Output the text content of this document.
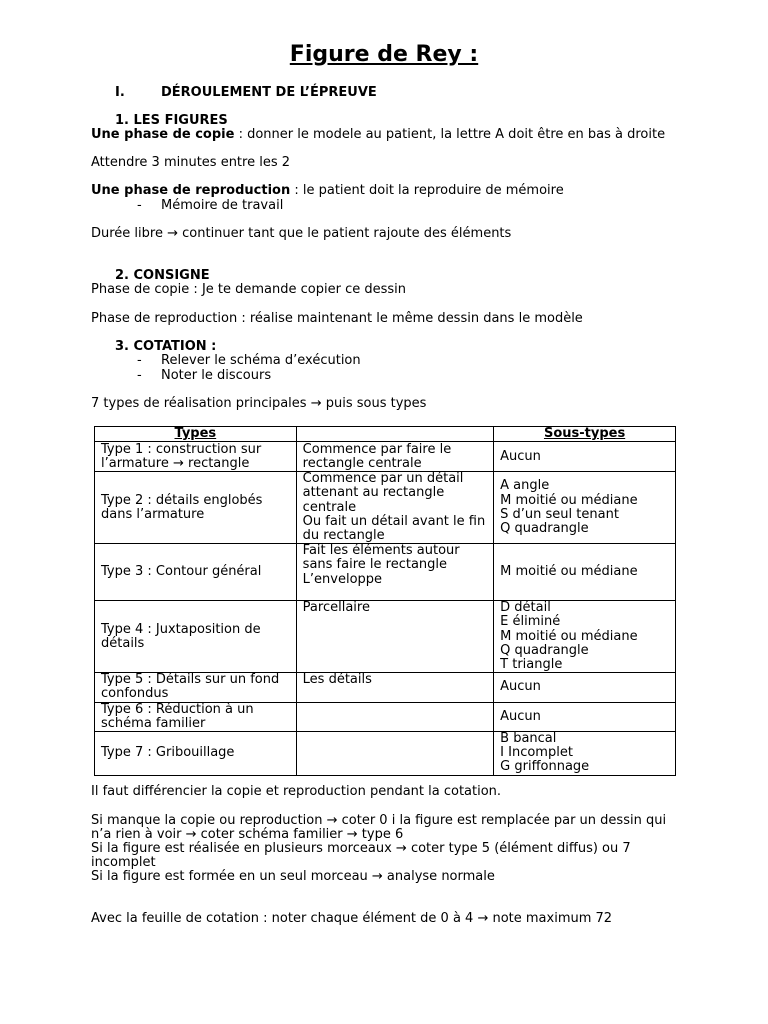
Figure de Rey :
I.	DÉROULEMENT DE L’ÉPREUVE
1. LES FIGURES
Une phase de copie : donner le modele au patient, la lettre A doit être en bas à droite
Attendre 3 minutes entre les 2
Une phase de reproduction : le patient doit la reproduire de mémoire
- Mémoire de travail
Durée libre → continuer tant que le patient rajoute des éléments
2. CONSIGNE
Phase de copie : Je te demande copier ce dessin
Phase de reproduction : réalise maintenant le même dessin dans le modèle
3. COTATION :
- Relever le schéma d’exécution
- Noter le discours
7 types de réalisation principales → puis sous types
Types		Sous-types

Type 1 : construction sur
l’armature → rectangle	Commence par faire le
rectangle centrale	Aucun

Type 2 : détails englobés
dans l’armature	Commence par un détail
attenant au rectangle
centrale
Ou fait un détail avant le fin
du rectangle	A angle
M moitié ou médiane
S d’un seul tenant
Q quadrangle

Type 3 : Contour général	Fait les éléments autour
sans faire le rectangle
L’enveloppe	M moitié ou médiane

Type 4 : Juxtaposition de
détails	Parcellaire	D détail
E éliminé
M moitié ou médiane
Q quadrangle
T triangle

Type 5 : Détails sur un fond
confondus	Les détails	Aucun

Type 6 : Réduction à un
schéma familier		Aucun

Type 7 : Gribouillage		B bancal
I Incomplet
G griffonnage
Il faut différencier la copie et reproduction pendant la cotation.
Si manque la copie ou reproduction → coter 0 i la figure est remplacée par un dessin qui
n’a rien à voir → coter schéma familier → type 6
Si la figure est réalisée en plusieurs morceaux → coter type 5 (élément diffus) ou 7
incomplet
Si la figure est formée en un seul morceau → analyse normale
Avec la feuille de cotation : noter chaque élément de 0 à 4 → note maximum 72
